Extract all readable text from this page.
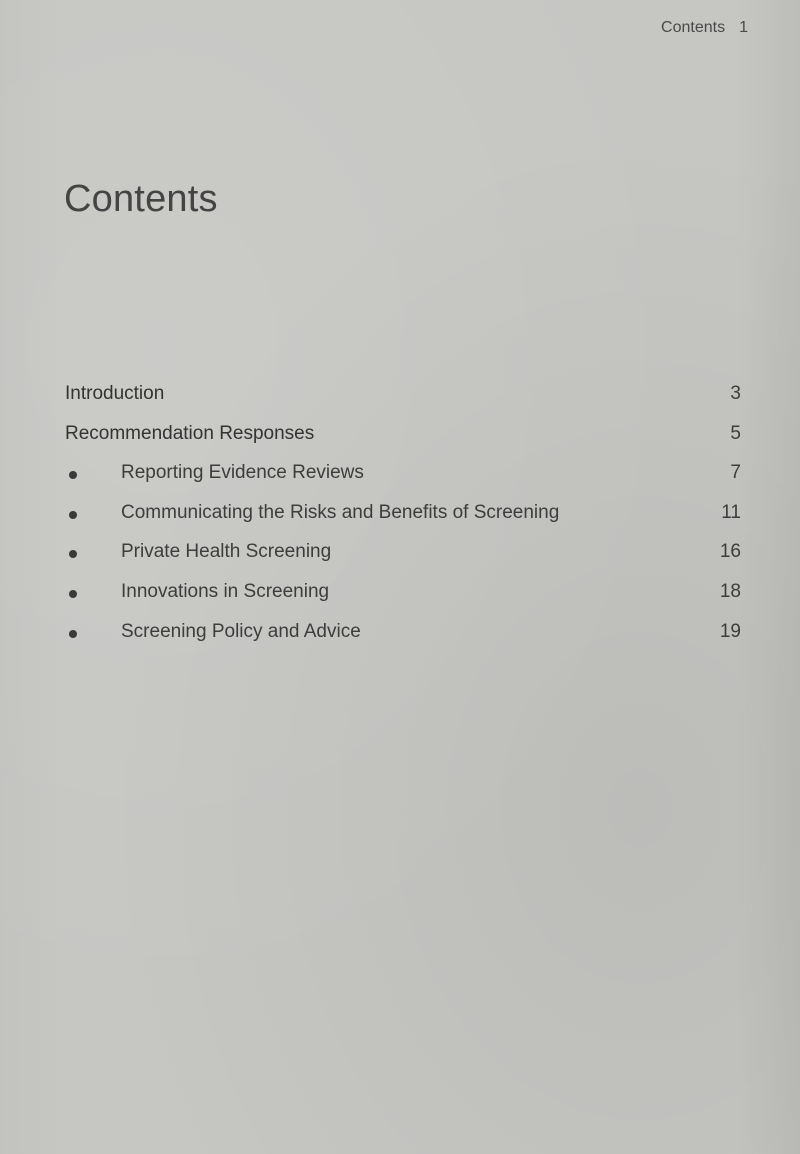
Contents 1
Contents
Introduction	3
Recommendation Responses	5
Reporting Evidence Reviews	7
Communicating the Risks and Benefits of Screening	11
Private Health Screening	16
Innovations in Screening	18
Screening Policy and Advice	19
